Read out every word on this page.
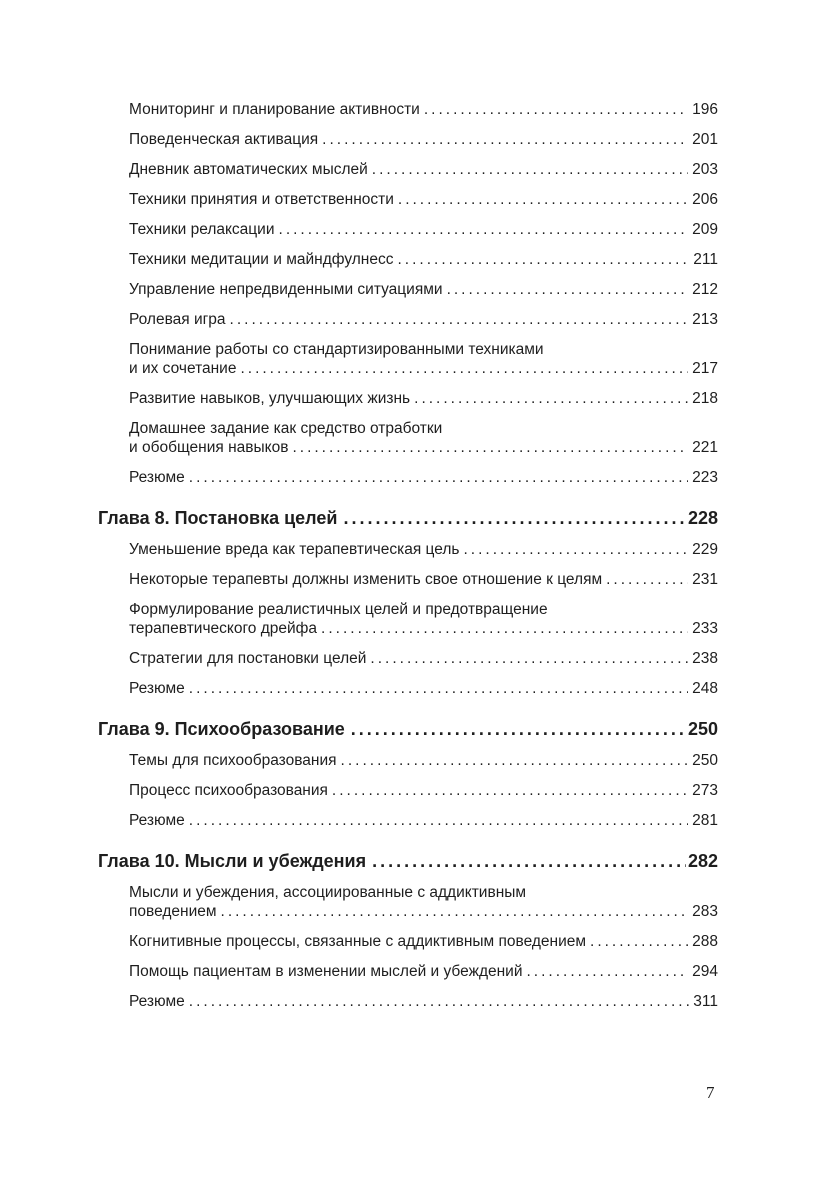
Мониторинг и планирование активности .....	196
Поведенческая активация .....	201
Дневник автоматических мыслей .....	203
Техники принятия и ответственности .....	206
Техники релаксации .....	209
Техники медитации и майндфулнесс .....	211
Управление непредвиденными ситуациями .....	212
Ролевая игра .....	213
Понимание работы со стандартизированными техниками
и их сочетание .....	217
Развитие навыков, улучшающих жизнь .....	218
Домашнее задание как средство отработки
и обобщения навыков .....	221
Резюме .....	223
Глава 8. Постановка целей .....	228
Уменьшение вреда как терапевтическая цель .....	229
Некоторые терапевты должны изменить свое отношение к целям .....	231
Формулирование реалистичных целей и предотвращение
терапевтического дрейфа .....	233
Стратегии для постановки целей .....	238
Резюме .....	248
Глава 9. Психообразование .....	250
Темы для психообразования .....	250
Процесс психообразования .....	273
Резюме .....	281
Глава 10. Мысли и убеждения .....	282
Мысли и убеждения, ассоциированные с аддиктивным
поведением .....	283
Когнитивные процессы, связанные с аддиктивным поведением .....	288
Помощь пациентам в изменении мыслей и убеждений .....	294
Резюме .....	311
7
